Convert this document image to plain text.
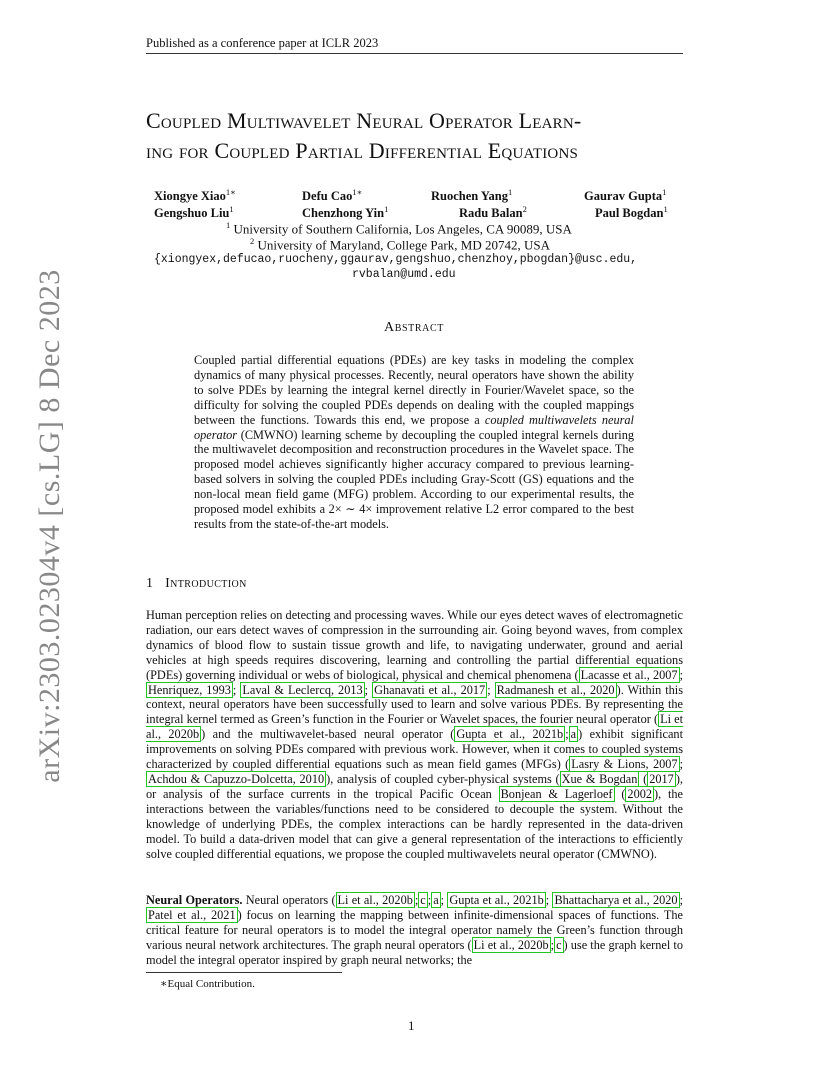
arXiv:2303.02304v4 [cs.LG] 8 Dec 2023
Published as a conference paper at ICLR 2023
Coupled Multiwavelet Neural Operator Learn-
ing for Coupled Partial Differential Equations
Xiongye Xiao$^{1∗}$	Defu Cao$^{1∗}$	Ruochen Yang$^1$	Gaurav Gupta$^1$
Gengshuo Liu$^1$	Chenzhong Yin$^1$	Radu Balan$^2$	Paul Bogdan$^1$
$^1$ University of Southern California, Los Angeles, CA 90089, USA
$^2$ University of Maryland, College Park, MD 20742, USA
{xiongyex,defucao,ruocheny,ggaurav,gengshuo,chenzhoy,pbogdan}@usc.edu,
rvbalan@umd.edu
Abstract
Coupled partial differential equations (PDEs) are key tasks in modeling the complex dynamics of many physical processes. Recently, neural operators have shown the ability to solve PDEs by learning the integral kernel directly in Fourier/Wavelet space, so the difficulty for solving the coupled PDEs depends on dealing with the coupled mappings between the functions. Towards this end, we propose a coupled multiwavelets neural operator (CMWNO) learning scheme by decoupling the coupled integral kernels during the multiwavelet decomposition and reconstruction procedures in the Wavelet space. The proposed model achieves significantly higher accuracy compared to previous learning-based solvers in solving the coupled PDEs including Gray-Scott (GS) equations and the non-local mean field game (MFG) problem. According to our experimental results, the proposed model exhibits a 2× ∼ 4× improvement relative L2 error compared to the best results from the state-of-the-art models.
1 Introduction
Human perception relies on detecting and processing waves. While our eyes detect waves of electromagnetic radiation, our ears detect waves of compression in the surrounding air. Going beyond waves, from complex dynamics of blood flow to sustain tissue growth and life, to navigating underwater, ground and aerial vehicles at high speeds requires discovering, learning and controlling the partial differential equations (PDEs) governing individual or webs of biological, physical and chemical phenomena ( Lacasse et al., 2007 ; Henriquez, 1993 ; Laval & Leclercq, 2013 ; Ghanavati et al., 2017 ; Radmanesh et al., 2020 ). Within this context, neural operators have been successfully used to learn and solve various PDEs. By representing the integral kernel termed as Green’s function in the Fourier or Wavelet spaces, the fourier neural operator ( Li et al., 2020b ) and the multiwavelet-based neural operator ( Gupta et al., 2021b ; a ) exhibit significant improvements on solving PDEs compared with previous work. However, when it comes to coupled systems characterized by coupled differential equations such as mean field games (MFGs) ( Lasry & Lions, 2007 ; Achdou & Capuzzo-Dolcetta, 2010 ), analysis of coupled cyber-physical systems ( Xue & Bogdan ( 2017 ), or analysis of the surface currents in the tropical Pacific Ocean Bonjean & Lagerloef ( 2002 ), the interactions between the variables/functions need to be considered to decouple the system. Without the knowledge of underlying PDEs, the complex interactions can be hardly represented in the data-driven model. To build a data-driven model that can give a general representation of the interactions to efficiently solve coupled differential equations, we propose the coupled multiwavelets neural operator (CMWNO).
Neural Operators. Neural operators ( Li et al., 2020b ; c ; a ; Gupta et al., 2021b ; Bhattacharya et al., 2020 ; Patel et al., 2021 ) focus on learning the mapping between infinite-dimensional spaces of functions. The critical feature for neural operators is to model the integral operator namely the Green’s function through various neural network architectures. The graph neural operators ( Li et al., 2020b ; c ) use the graph kernel to model the integral operator inspired by graph neural networks; the
∗Equal Contribution.
1
